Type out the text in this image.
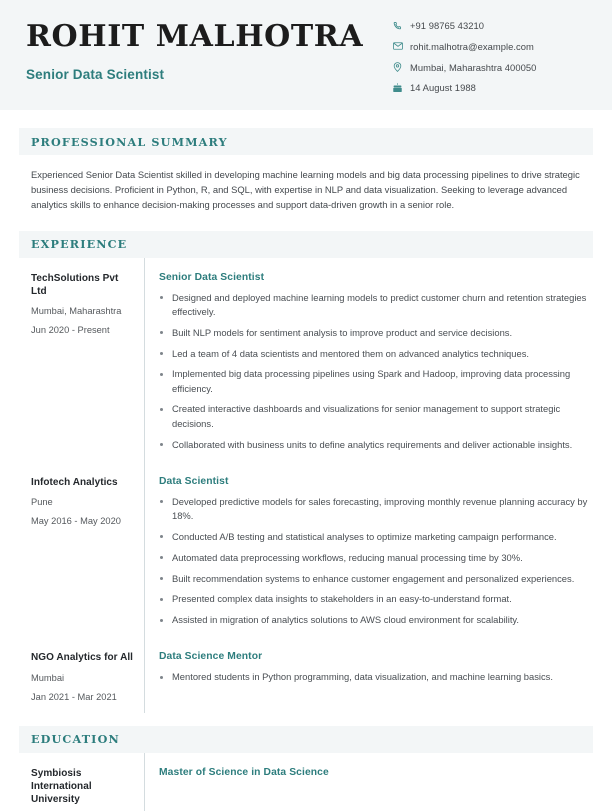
ROHIT MALHOTRA
Senior Data Scientist
+91 98765 43210
rohit.malhotra@example.com
Mumbai, Maharashtra 400050
14 August 1988
PROFESSIONAL SUMMARY
Experienced Senior Data Scientist skilled in developing machine learning models and big data processing pipelines to drive strategic business decisions. Proficient in Python, R, and SQL, with expertise in NLP and data visualization. Seeking to leverage advanced analytics skills to enhance decision-making processes and support data-driven growth in a senior role.
EXPERIENCE
TechSolutions Pvt Ltd
Mumbai, Maharashtra
Jun 2020 - Present
Senior Data Scientist
Designed and deployed machine learning models to predict customer churn and retention strategies effectively.
Built NLP models for sentiment analysis to improve product and service decisions.
Led a team of 4 data scientists and mentored them on advanced analytics techniques.
Implemented big data processing pipelines using Spark and Hadoop, improving data processing efficiency.
Created interactive dashboards and visualizations for senior management to support strategic decisions.
Collaborated with business units to define analytics requirements and deliver actionable insights.
Infotech Analytics
Pune
May 2016 - May 2020
Data Scientist
Developed predictive models for sales forecasting, improving monthly revenue planning accuracy by 18%.
Conducted A/B testing and statistical analyses to optimize marketing campaign performance.
Automated data preprocessing workflows, reducing manual processing time by 30%.
Built recommendation systems to enhance customer engagement and personalized experiences.
Presented complex data insights to stakeholders in an easy-to-understand format.
Assisted in migration of analytics solutions to AWS cloud environment for scalability.
NGO Analytics for All
Mumbai
Jan 2021 - Mar 2021
Data Science Mentor
Mentored students in Python programming, data visualization, and machine learning basics.
EDUCATION
Symbiosis International University
Master of Science in Data Science
